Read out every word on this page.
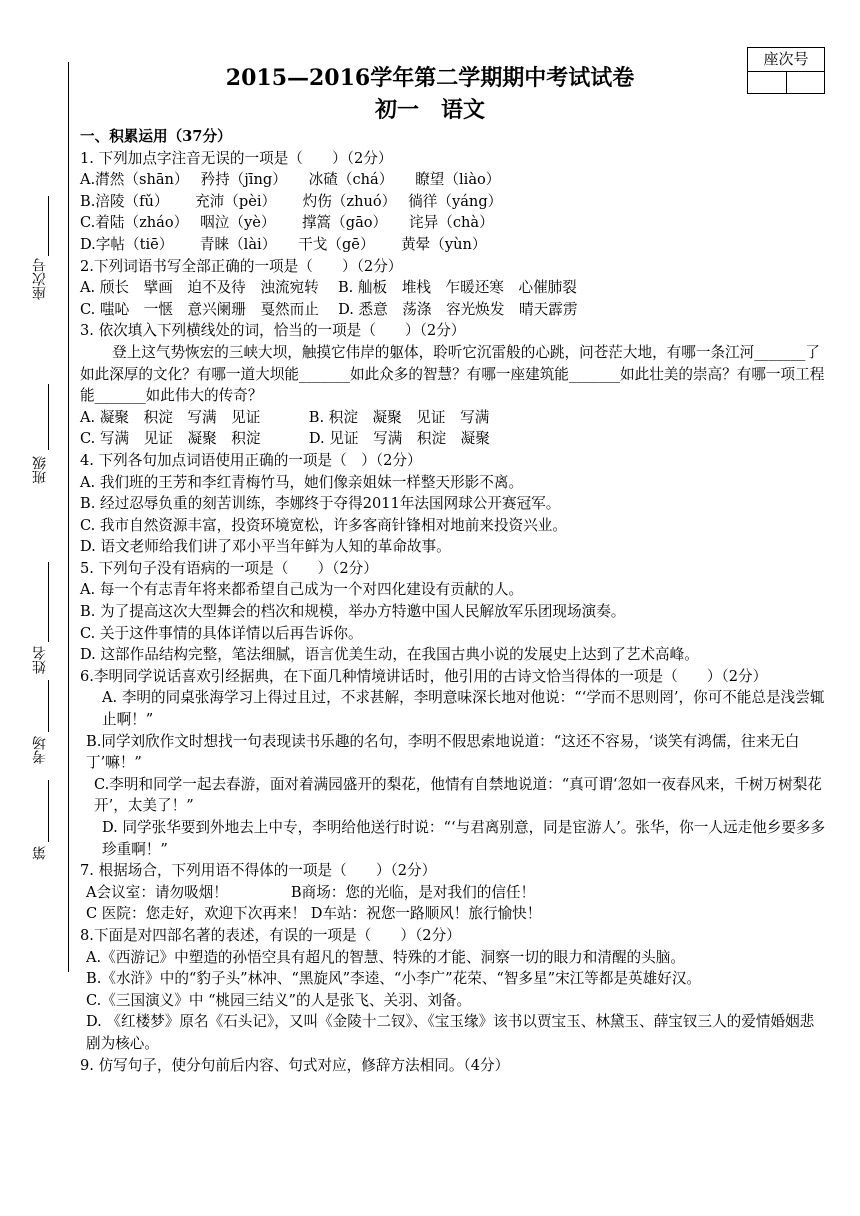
座次号
座次号
班级
姓名
考场
第
2015—2016学年第二学期期中考试试卷
初一　语文

一、积累运用（37分）

1. 下列加点字注音无误的一项是（　　）（2分）

A.潸然（shān）　 矜持（jīng）　　冰碴（chá）　　瞭望（liào）

B.涪陵（fǔ）　　 充沛（pèi）　　 灼伤（zhuó）　 徜徉（yáng）

C.着陆（zháo）　 咽泣（yè）　　 撑篙（gāo）　　诧异（chà）

D.字帖（tiē）　　 青睐（lài）　　干戈（gē）　　 黄晕（yùn）

2.下列词语书写全部正确的一项是（　　）（2分）

A. 颀长　擘画　迫不及待　浊流宛转　 B. 舢板　堆栈　乍暖还寒　心催肺裂

C. 嗤吣　一惬　意兴阑珊　戛然而止　 D. 悉意　荡涤　容光焕发　晴天霹雳

3. 依次填入下列横线处的词，恰当的一项是（　　）（2分）

登上这气势恢宏的三峡大坝，触摸它伟岸的躯体，聆听它沉雷般的心跳，问苍茫大地，有哪一条江河_______了如此深厚的文化？有哪一道大坝能_______如此众多的智慧？有哪一座建筑能_______如此壮美的崇高？有哪一项工程能_______如此伟大的传奇？

A. 凝聚　积淀　写满　见证　　　 B. 积淀　凝聚　见证　写满

C. 写满　见证　凝聚　积淀　　　 D. 见证　写满　积淀　凝聚

4. 下列各句加点词语使用正确的一项是（　）（2分）

A. 我们班的王芳和李红青梅竹马，她们像亲姐妹一样整天形影不离。

B. 经过忍辱负重的刻苦训练，李娜终于夺得2011年法国网球公开赛冠军。

C. 我市自然资源丰富，投资环境宽松，许多客商针锋相对地前来投资兴业。

D. 语文老师给我们讲了邓小平当年鲜为人知的革命故事。

5. 下列句子没有语病的一项是（　　）（2分）

A. 每一个有志青年将来都希望自己成为一个对四化建设有贡献的人。

B. 为了提高这次大型舞会的档次和规模，举办方特邀中国人民解放军乐团现场演奏。

C. 关于这件事情的具体详情以后再告诉你。

D. 这部作品结构完整，笔法细腻，语言优美生动，在我国古典小说的发展史上达到了艺术高峰。

6.李明同学说话喜欢引经据典，在下面几种情境讲话时，他引用的古诗文恰当得体的一项是（　　）（2分）

A. 李明的同桌张海学习上得过且过，不求甚解，李明意味深长地对他说：“‘学而不思则罔’，你可不能总是浅尝辄止啊！”

B.同学刘欣作文时想找一句表现读书乐趣的名句，李明不假思索地说道：“这还不容易，‘谈笑有鸿儒，往来无白丁’嘛！”

C.李明和同学一起去春游，面对着满园盛开的梨花，他情有自禁地说道：“真可谓‘忽如一夜春风来，千树万树梨花开’，太美了！”

D. 同学张华要到外地去上中专，李明给他送行时说：“‘与君离别意，同是宦游人’。张华，你一人远走他乡要多多珍重啊！”

7. 根据场合，下列用语不得体的一项是（　　）（2分）

A会议室：请勿吸烟！　　　　 B商场：您的光临，是对我们的信任！

C 医院：您走好，欢迎下次再来！ D车站：祝您一路顺风！旅行愉快！

8.下面是对四部名著的表述，有误的一项是（　　）（2分）

A.《西游记》中塑造的孙悟空具有超凡的智慧、特殊的才能、洞察一切的眼力和清醒的头脑。

B.《水浒》中的“豹子头”林冲、“黑旋风”李逵、“小李广”花荣、“智多星”宋江等都是英雄好汉。

C.《三国演义》中 “桃园三结义”的人是张飞、关羽、刘备。

D. 《红楼梦》原名《石头记》，又叫《金陵十二钗》、《宝玉缘》该书以贾宝玉、林黛玉、薛宝钗三人的爱情婚姻悲剧为核心。

9. 仿写句子，使分句前后内容、句式对应，修辞方法相同。（4分）
